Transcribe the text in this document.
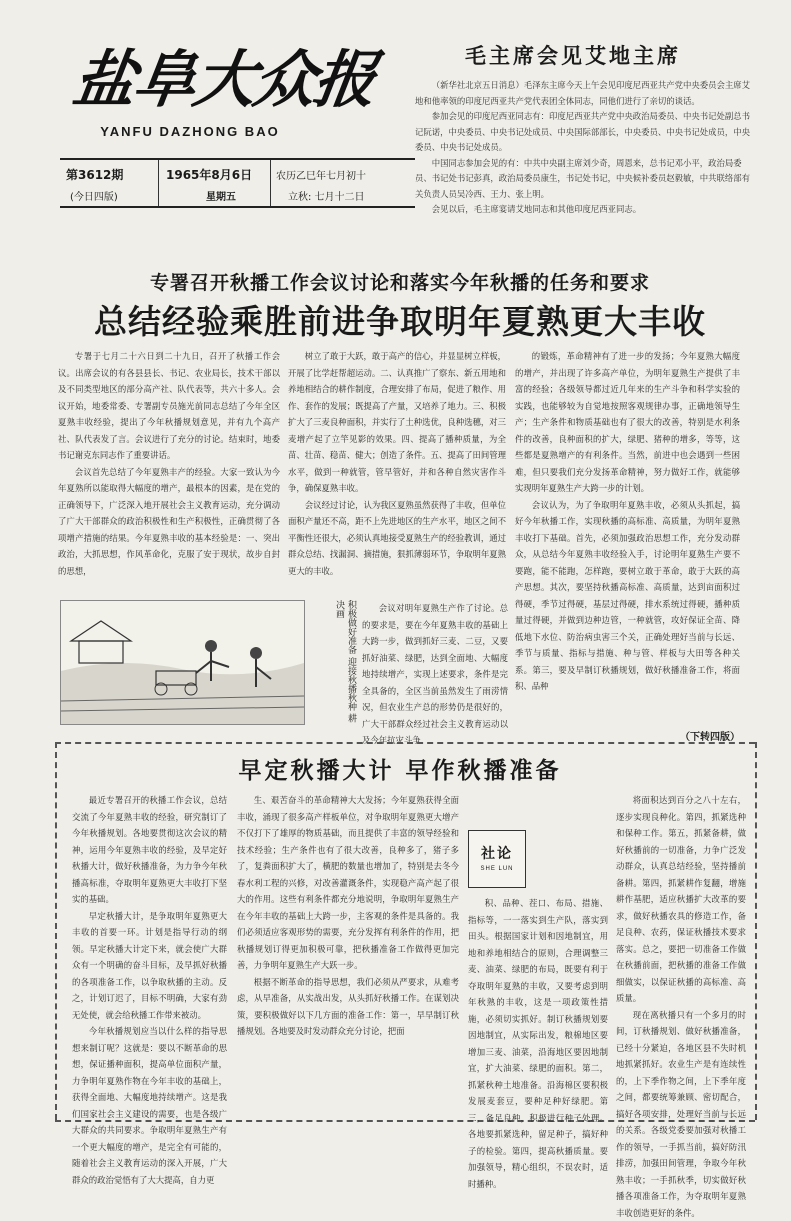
盐阜大众报
YANFU DAZHONG BAO
第3612期
(今日四版)
1965年8月6日
星期五
农历乙巳年七月初十
立秋: 七月十二日
毛主席会见艾地主席

（新华社北京五日消息）毛泽东主席今天上午会见印度尼西亚共产党中央委员会主席艾地和他率领的印度尼西亚共产党代表团全体同志，同他们进行了亲切的谈话。

参加会见的印度尼西亚同志有：印度尼西亚共产党中央政治局委员、中央书记处副总书记阮诺，中央委员、中央书记处成员、中央国际部部长，中央委员、中央书记处成员，中央委员、中央书记处成员。

中国同志参加会见的有：中共中央副主席刘少奇，周恩来，总书记邓小平，政治局委员、书记处书记彭真，政治局委员康生，书记处书记，中央候补委员赵毅敏，中共联络部有关负责人员吴冷西、王力、张上明。

会见以后，毛主席宴请艾地同志和其他印度尼西亚同志。

专署召开秋播工作会议讨论和落实今年秋播的任务和要求
总结经验乘胜前进争取明年夏熟更大丰收

专署于七月二十六日到二十九日，召开了秋播工作会议。出席会议的有各县县长、书记、农业局长，技术干部以及不同类型地区的部分高产社、队代表等，共六十多人。会议开始，地委常委、专署副专员施光前同志总结了今年全区夏熟丰收经验，提出了今年秋播规划意见，并有九个高产社、队代表发了言。会议进行了充分的讨论。结束时，地委书记谢克东同志作了重要讲话。

会议首先总结了今年夏熟丰产的经验。大家一致认为今年夏熟所以能取得大幅度的增产，最根本的因素，是在党的正确领导下，广泛深入地开展社会主义教育运动，充分调动了广大干部群众的政治积极性和生产积极性，正确贯彻了各项增产措施的结果。今年夏熟丰收的基本经验是：一、突出政治，大抓思想，作风革命化，克服了安于现状，故步自封的思想，

树立了敢于大跃，敢于高产的信心，并显显树立样板，开展了比学赶帮超运动。二、认真推广了察东、新五用地和养地相结合的耕作制度，合理安排了布局，促进了粮作、用作、套作的发展；既提高了产量，又培养了地力。三、积极扩大了三麦良种面积，并实行了土种选优，良种选穗，对三麦增产起了立竿见影的效果。四、提高了播种质量，为全苗、壮苗、稳苗、健大；创造了条件。五、提高了田间管理水平，做到一种就管，管早管好，并和各种自然灾害作斗争，确保夏熟丰收。

会议经过讨论，认为我区夏熟虽然获得了丰收，但单位面积产量还不高，距不上先进地区的生产水平，地区之间不平衡性还很大，必须认真地接受夏熟生产的经验教训，通过群众总结、找漏洞、摘措施，狠抓薄弱环节，争取明年夏熟更大的丰收。

积极做好准备 迎接秋播秋种 耕 决画	会议对明年夏熟生产作了讨论。总的要求是，要在今年夏熟丰收的基础上大跨一步，做到抓好三麦、二豆，又要抓好油菜、绿肥，达到全面地、大幅度地持续增产，实现上述要求，条件是完全具备的，全区当前虽然发生了雨涝情况，但农业生产总的形势仍是很好的，广大干部群众经过社会主义教育运动以及今年抗灾斗争

的锻炼，革命精神有了进一步的发扬；今年夏熟大幅度的增产，并出现了许多高产单位，为明年夏熟生产提供了丰富的经验；各级领导都过近几年来的生产斗争和科学实验的实践，也能够较为自觉地按照客观规律办事，正确地领导生产；生产条件和物质基础也有了很大的改善，特别是水利条件的改善，良种面积的扩大，绿肥、猪种的增多，等等，这些都是夏熟增产的有利条件。当然，前进中也会遇到一些困难，但只要我们充分发扬革命精神，努力做好工作，就能够实现明年夏熟生产大跨一步的计划。

会议认为，为了争取明年夏熟丰收，必须从头抓起，搞好今年秋播工作，实现秋播的高标准、高质量，为明年夏熟丰收打下基础。首先，必须加强政治思想工作，充分发动群众，从总结今年夏熟丰收经验入手，讨论明年夏熟生产要不要跑，能不能跑，怎样跑，要树立敢于革命，敢于大跃的高产思想。其次，要坚持秋播高标准、高质量，达到亩面积过得硬，季节过得硬，基层过得硬，排水系统过得硬，播种质量过得硬，并做到边种边管，一种就管，攻好保证全苗、降低地下水位、防治病虫害三个关，正确处理好当前与长远、季节与质量、指标与措施、种与管、样板与大田等各种关系。第三，要及早制订秋播规划，做好秋播准备工作，将面积、品种

（下转四版）
早定秋播大计 早作秋播准备

最近专署召开的秋播工作会议，总结交流了今年夏熟丰收的经验，研究制订了今年秋播规划。各地要贯彻这次会议的精神，运用今年夏熟丰收的经验，及早定好秋播大计，做好秋播准备，为力争今年秋播高标准，夺取明年夏熟更大丰收打下坚实的基础。

早定秋播大计，是争取明年夏熟更大丰收的首要一环。计划是指导行动的纲领。早定秋播大计定下来，就会使广大群众有一个明确的奋斗目标，及早抓好秋播的各项准备工作，以争取秋播的主动。反之，计划订迟了，目标不明确，大家有劲无处使，就会给秋播工作带来被动。

今年秋播规划应当以什么样的指导思想来制订呢？这就是：要以不断革命的思想，保证播种面积，提高单位面积产量，力争明年夏熟作物在今年丰收的基础上，获得全面地、大幅度地持续增产。这是我们国家社会主义建设的需要，也是各级广大群众的共同要求。争取明年夏熟生产有一个更大幅度的增产，是完全有可能的，随着社会主义教育运动的深入开展，广大群众的政治觉悟有了大大提高，自力更

生、艰苦奋斗的革命精神大大发扬；今年夏熟获得全面丰收，涌现了很多高产样板单位，对争取明年夏熟更大增产不仅打下了雄厚的物质基础，而且提供了丰富的领导经验和技术经验；生产条件也有了很大改善，良种多了，猪子多了，复粪面积扩大了，横肥的数量也增加了，特别是去冬今春水利工程的兴修，对改善灌溉条件，实现稳产高产起了很大的作用。这些有利条件都充分地说明，争取明年夏熟生产在今年丰收的基础上大跨一步，主客观的条件是具备的。我们必须适应客观形势的需要，充分发挥有利条件的作用，把秋播规划订得更加积极可靠，把秋播准备工作做得更加完善，力争明年夏熟生产大跃一步。

根据不断革命的指导思想，我们必须从严要求，从难考虑，从早准备，从实战出发，从头抓好秋播工作。在谋划决策，要积极做好以下几方面的准备工作：第一，早早制订秋播规划。各地要及时发动群众充分讨论，把面

社论
SHE LUN

积、品种、茬口、布局、措施、指标等，一一落实到生产队，落实到田头。根据国家计划和因地制宜，用地和养地相结合的原则，合理调整三麦、油菜、绿肥的布局，既要有利于夺取明年夏熟的丰收，又要考虑到明年秋熟的丰收，这是一项政策性措施，必须切实抓好。制订秋播规划要因地制宜，从实际出发，粮棉地区要增加三麦、油菜，沿海地区要因地制宜，扩大油菜、绿肥的面积。第二，抓紧秋种土地准备。沿海棉区要积极发展麦套豆，要种足种好绿肥。第三，备足良种，积极进行种子处理。各地要抓紧选种，留足种子，搞好种子的检验。第四，提高秋播质量。要加强领导，精心组织，不误农时，适时播种。

将面积达到百分之八十左右，逐步实现良种化。第四，抓紧选种和保种工作。第五，抓紧备耕，做好秋播前的一切准备，力争广泛发动群众，认真总结经验，坚持播前备耕。第四，抓紧耕作复翻，增施耕作基肥，适应秋播扩大改革的要求，做好秋播农具的修造工作，备足良种、农药，保证秋播技术要求落实。总之，要把一切准备工作做在秋播前面，把秋播的准备工作做细做实，以保证秋播的高标准、高质量。

现在离秋播只有一个多月的时间，订秋播规划、做好秋播准备，已经十分紧迫，各地区县不失时机地抓紧抓好。农业生产是有连续性的，上下季作物之间，上下季年度之间，都要统筹兼顾、密切配合，搞好各项安排，处理好当前与长远的关系。各级党委要加强对秋播工作的领导，一手抓当前，搞好防汛排涝，加强田间管理，争取今年秋熟丰收；一手抓秋季，切实做好秋播各项准备工作，为夺取明年夏熟丰收创造更好的条件。
